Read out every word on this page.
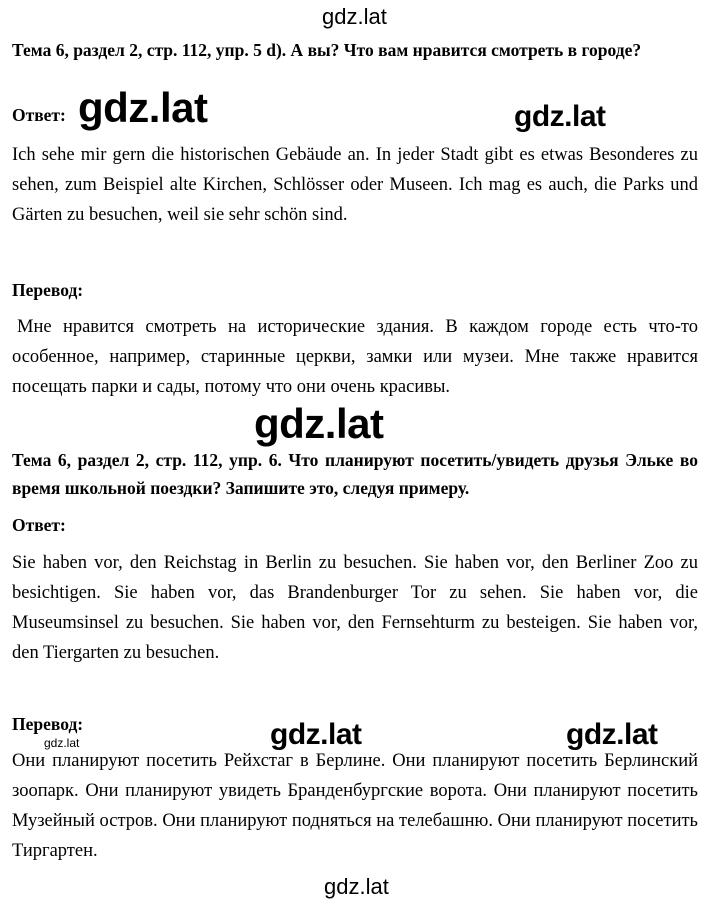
gdz.lat
gdz.lat	gdz.lat
gdz.lat
gdz.lat	gdz.lat
gdz.lat
gdz.lat
Тема 6, раздел 2, стр. 112, упр. 5 d). А вы? Что вам нравится смотреть в городе?
Ответ:
Ich sehe mir gern die historischen Gebäude an. In jeder Stadt gibt es etwas Besonderes zu sehen, zum Beispiel alte Kirchen, Schlösser oder Museen. Ich mag es auch, die Parks und Gärten zu besuchen, weil sie sehr schön sind.
Перевод:
Мне нравится смотреть на исторические здания. В каждом городе есть что-то особенное, например, старинные церкви, замки или музеи. Мне также нравится посещать парки и сады, потому что они очень красивы.
Тема 6, раздел 2, стр. 112, упр. 6. Что планируют посетить/увидеть друзья Эльке во время школьной поездки? Запишите это, следуя примеру.
Ответ:
Sie haben vor, den Reichstag in Berlin zu besuchen. Sie haben vor, den Berliner Zoo zu besichtigen. Sie haben vor, das Brandenburger Tor zu sehen. Sie haben vor, die Museumsinsel zu besuchen. Sie haben vor, den Fernsehturm zu besteigen. Sie haben vor, den Tiergarten zu besuchen.
Перевод:
Они планируют посетить Рейхстаг в Берлине. Они планируют посетить Берлинский зоопарк. Они планируют увидеть Бранденбургские ворота. Они планируют посетить Музейный остров. Они планируют подняться на телебашню. Они планируют посетить Тиргартен.
